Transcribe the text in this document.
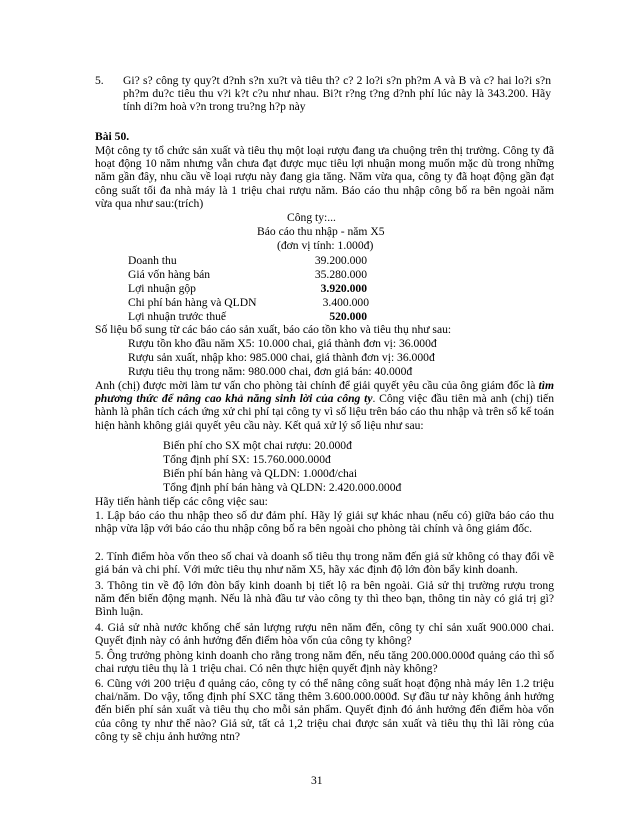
5. Gi? s? công ty quy?t d?nh s?n xu?t và tiêu th? c? 2 lo?i s?n ph?m A và B và c? hai lo?i s?n ph?m du?c tiêu thu v?i k?t c?u như nhau. Bi?t r?ng t?ng d?nh phí lúc này là 343.200. Hãy tính di?m hoà v?n trong tru?ng h?p này
Bài 50.
Một công ty tổ chức sản xuất và tiêu thụ một loại rượu đang ưa chuộng trên thị trường. Công ty đã hoạt động 10 năm nhưng vẫn chưa đạt được mục tiêu lợi nhuận mong muốn mặc dù trong những năm gần đây, nhu cầu về loại rượu này đang gia tăng. Năm vừa qua, công ty đã hoạt động gần đạt công suất tối đa nhà máy là 1 triệu chai rượu năm. Báo cáo thu nhập công bố ra bên ngoài năm vừa qua như sau:(trích)
Công ty:...
Báo cáo thu nhập - năm X5
(đơn vị tính: 1.000đ)
Doanh thu	39.200.000
Giá vốn hàng bán	35.280.000
Lợi nhuận gộp	3.920.000
Chi phí bán hàng và QLDN	3.400.000
Lợi nhuận trước thuế	520.000
Số liệu bổ sung từ các báo cáo sản xuất, báo cáo tồn kho và tiêu thụ như sau:
Rượu tồn kho đầu năm X5: 10.000 chai, giá thành đơn vị: 36.000đ
Rượu sản xuất, nhập kho: 985.000 chai, giá thành đơn vị: 36.000đ
Rượu tiêu thụ trong năm: 980.000 chai, đơn giá bán: 40.000đ
Anh (chị) được mời làm tư vấn cho phòng tài chính để giải quyết yêu cầu của ông giám đốc là tìm phương thức để nâng cao khả năng sinh lời của công ty. Công việc đầu tiên mà anh (chị) tiến hành là phân tích cách ứng xử chi phí tại công ty vì số liệu trên báo cáo thu nhập và trên sổ kế toán hiện hành không giải quyết yêu cầu này. Kết quả xử lý số liệu như sau:
Biến phí cho SX một chai rượu: 20.000đ
Tổng định phí SX: 15.760.000.000đ
Biến phí bán hàng và QLDN: 1.000đ/chai
Tổng định phí bán hàng và QLDN: 2.420.000.000đ
Hãy tiến hành tiếp các công việc sau:
1. Lập báo cáo thu nhập theo số dư đảm phí. Hãy lý giải sự khác nhau (nếu có) giữa báo cáo thu nhập vừa lập với báo cáo thu nhập công bố ra bên ngoài cho phòng tài chính và ông giám đốc.
2. Tính điểm hòa vốn theo số chai và doanh số tiêu thụ trong năm đến giả sử không có thay đổi về giá bán và chi phí. Với mức tiêu thụ như năm X5, hãy xác định độ lớn đòn bẩy kinh doanh.
3. Thông tin về độ lớn đòn bẩy kinh doanh bị tiết lộ ra bên ngoài. Giả sử thị trường rượu trong năm đến biến động mạnh. Nếu là nhà đầu tư vào công ty thì theo bạn, thông tin này có giá trị gì? Bình luận.
4. Giả sử nhà nước khống chế sản lượng rượu nên năm đến, công ty chỉ sản xuất 900.000 chai. Quyết định này có ảnh hưởng đến điểm hòa vốn của công ty không?
5. Ông trưởng phòng kinh doanh cho rằng trong năm đến, nếu tăng 200.000.000đ quảng cáo thì số chai rượu tiêu thụ là 1 triệu chai. Có nên thực hiện quyết định này không?
6. Cũng với 200 triệu đ quảng cáo, công ty có thể nâng công suất hoạt động nhà máy lên 1.2 triệu chai/năm. Do vậy, tổng định phí SXC tăng thêm 3.600.000.000đ. Sự đầu tư này không ảnh hưởng đến biến phí sản xuất và tiêu thụ cho mỗi sản phẩm. Quyết định đó ảnh hưởng đến điểm hòa vốn của công ty như thế nào? Giả sử, tất cả 1,2 triệu chai được sản xuất và tiêu thụ thì lãi ròng của công ty sẽ chịu ảnh hưởng ntn?
31
